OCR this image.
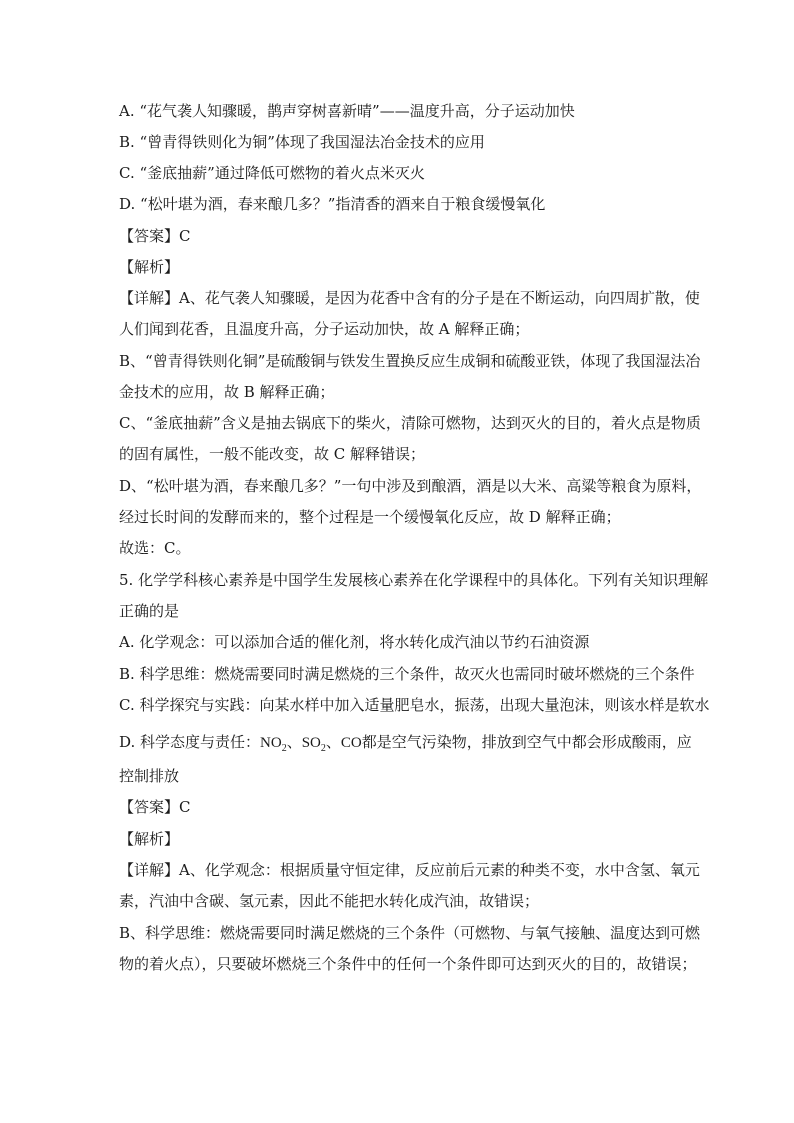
A. “花气袭人知骤暖，鹊声穿树喜新晴”——温度升高，分子运动加快
B. “曾青得铁则化为铜”体现了我国湿法冶金技术的应用
C. “釜底抽薪”通过降低可燃物的着火点米灭火
D. “松叶堪为酒，春来酿几多？”指清香的酒来自于粮食缓慢氧化
【答案】C
【解析】
【详解】A、花气袭人知骤暖，是因为花香中含有的分子是在不断运动，向四周扩散，使
人们闻到花香，且温度升高，分子运动加快，故 A 解释正确；
B、“曾青得铁则化铜”是硫酸铜与铁发生置换反应生成铜和硫酸亚铁，体现了我国湿法冶
金技术的应用，故 B 解释正确；
C、“釜底抽薪”含义是抽去锅底下的柴火，清除可燃物，达到灭火的目的，着火点是物质
的固有属性，一般不能改变，故 C 解释错误；
D、“松叶堪为酒，春来酿几多？”一句中涉及到酿酒，酒是以大米、高粱等粮食为原料，
经过长时间的发酵而来的，整个过程是一个缓慢氧化反应，故 D 解释正确；
故选：C。
5. 化学学科核心素养是中国学生发展核心素养在化学课程中的具体化。下列有关知识理解
正确的是
A. 化学观念：可以添加合适的催化剂，将水转化成汽油以节约石油资源
B. 科学思维：燃烧需要同时满足燃烧的三个条件，故灭火也需同时破坏燃烧的三个条件
C. 科学探究与实践：向某水样中加入适量肥皂水，振荡，出现大量泡沫，则该水样是软水
D. 科学态度与责任：$NO_2$、$SO_2$、CO都是空气污染物，排放到空气中都会形成酸雨，应
控制排放
【答案】C
【解析】
【详解】A、化学观念：根据质量守恒定律，反应前后元素的种类不变，水中含氢、氧元
素，汽油中含碳、氢元素，因此不能把水转化成汽油，故错误；
B、科学思维：燃烧需要同时满足燃烧的三个条件（可燃物、与氧气接触、温度达到可燃
物的着火点），只要破坏燃烧三个条件中的任何一个条件即可达到灭火的目的，故错误；
